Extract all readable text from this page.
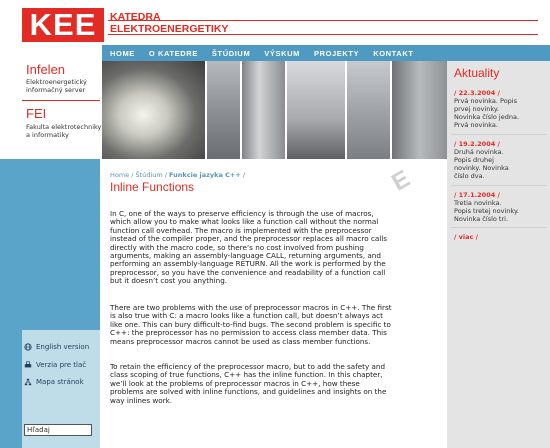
KEE	KATEDRA
ELEKTROENERGETIKY
Infelen
Elektroenergetický
informačný server
FEI
Fakulta elektrotechniky
a informatiky
English version
Verzia pre tlač
Mapa stránok
Hľadaj
HOME O KATEDRE ŠTÚDIUM VÝSKUM PROJEKTY KONTAKT
Aktuality
/ 22.3.2004 /
Prvá novinka. Popis
prvej novinky.
Novinka číslo jedna.
Prvá novinka.
/ 19.2.2004 /
Druhá novinka.
Popis druhej
novinky. Novinka
číslo dva.
/ 17.1.2004 /
Tretia novinka.
Popis tretej novinky.
Novinka číslo tri.
/ viac /
E
Home / Štúdium / Funkcie jazyka C++ /
Inline Functions
In C, one of the ways to preserve efficiency is through the use of macros,
which allow you to make what looks like a function call without the normal
function call overhead. The macro is implemented with the preprocessor
instead of the compiler proper, and the preprocessor replaces all macro calls
directly with the macro code, so there’s no cost involved from pushing
arguments, making an assembly-language CALL, returning arguments, and
performing an assembly-language RETURN. All the work is performed by the
preprocessor, so you have the convenience and readability of a function call
but it doesn’t cost you anything.
There are two problems with the use of preprocessor macros in C++. The first
is also true with C: a macro looks like a function call, but doesn’t always act
like one. This can bury difficult-to-find bugs. The second problem is specific to
C++: the preprocessor has no permission to access class member data. This
means preprocessor macros cannot be used as class member functions.
To retain the efficiency of the preprocessor macro, but to add the safety and
class scoping of true functions, C++ has the inline function. In this chapter,
we’ll look at the problems of preprocessor macros in C++, how these
problems are solved with inline functions, and guidelines and insights on the
way inlines work.
